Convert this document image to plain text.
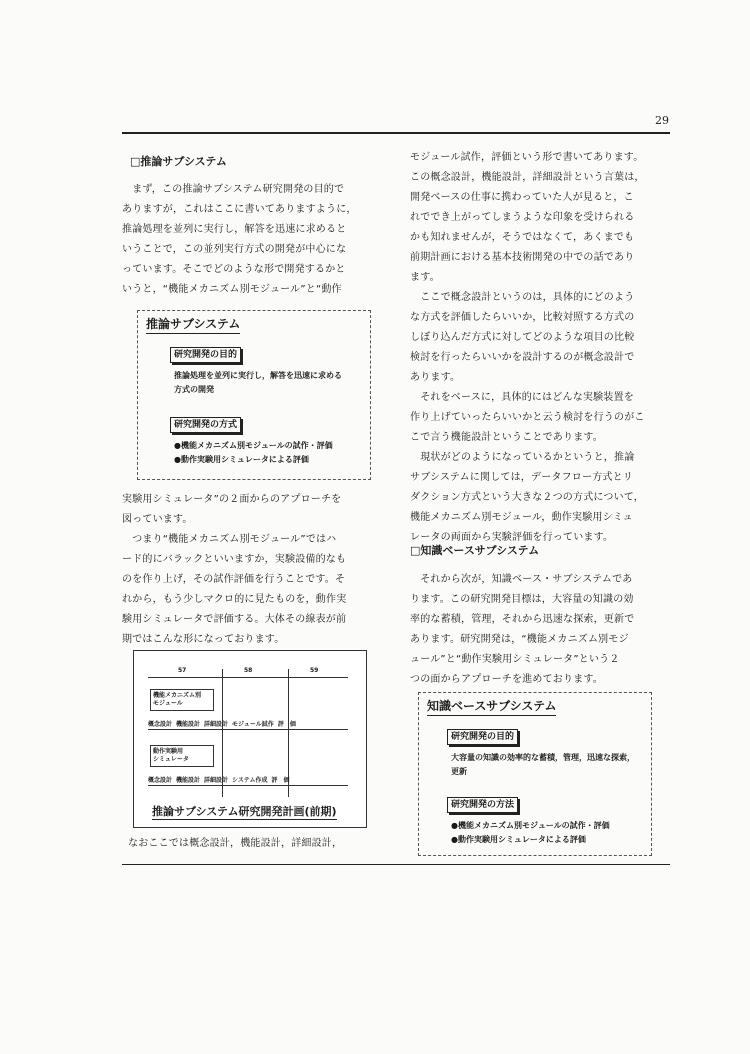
29
□推論サブシステム

　まず，この推論サブシステム研究開発の目的で

ありますが，これはここに書いてありますように，

推論処理を並列に実行し，解答を迅速に求めると

いうことで，この並列実行方式の開発が中心にな

っています。そこでどのような形で開発するかと

いうと，“機能メカニズム別モジュール”と“動作

推論サブシステム
研究開発の目的
推論処理を並列に実行し，解答を迅速に求める
方式の開発
研究開発の方式
●機能メカニズム別モジュールの試作・評価
●動作実験用シミュレータによる評価

実験用シミュレータ”の２面からのアプローチを

図っています。

　つまり“機能メカニズム別モジュール”ではハ

ード的にバラックといいますか，実験設備的なも

のを作り上げ，その試作評価を行うことです。そ

れから，もう少しマクロ的に見たものを，動作実

験用シミュレータで評価する。大体その線表が前

期ではこんな形になっております。

57	58	59
機能メカニズム別
モジュール
概念設計 機能設計 詳細設計 モジュール試作 評　価
動作実験用
シミュレータ
概念設計 機能設計 詳細設計 システム作成 評　価
推論サブシステム研究開発計画(前期)

なおここでは概念設計，機能設計，詳細設計，

モジュール試作，評価という形で書いてあります。

この概念設計，機能設計，詳細設計という言葉は，

開発ベースの仕事に携わっていた人が見ると，こ

れででき上がってしまうような印象を受けられる

かも知れませんが，そうではなくて，あくまでも

前期計画における基本技術開発の中での話であり

ます。

　ここで概念設計というのは，具体的にどのよう

な方式を評価したらいいか，比較対照する方式の

しぼり込んだ方式に対してどのような項目の比較

検討を行ったらいいかを設計するのが概念設計で

あります。

　それをベースに，具体的にはどんな実験装置を

作り上げていったらいいかと云う検討を行うのがこ

こで言う機能設計ということであります。

　現状がどのようになっているかというと，推論

サブシステムに関しては，データフロー方式とリ

ダクション方式という大きな２つの方式について，

機能メカニズム別モジュール，動作実験用シミュ

レータの両面から実験評価を行っています。

□知識ベースサブシステム

　それから次が，知識ベース・サブシステムであ

ります。この研究開発目標は，大容量の知識の効

率的な蓄積，管理，それから迅速な探索，更新で

あります。研究開発は，“機能メカニズム別モジ

ュール”と“動作実験用シミュレータ”という２

つの面からアプローチを進めております。

知識ベースサブシステム
研究開発の目的
大容量の知識の効率的な蓄積，管理，迅速な探索，
更新
研究開発の方法
●機能メカニズム別モジュールの試作・評価
●動作実験用シミュレータによる評価
